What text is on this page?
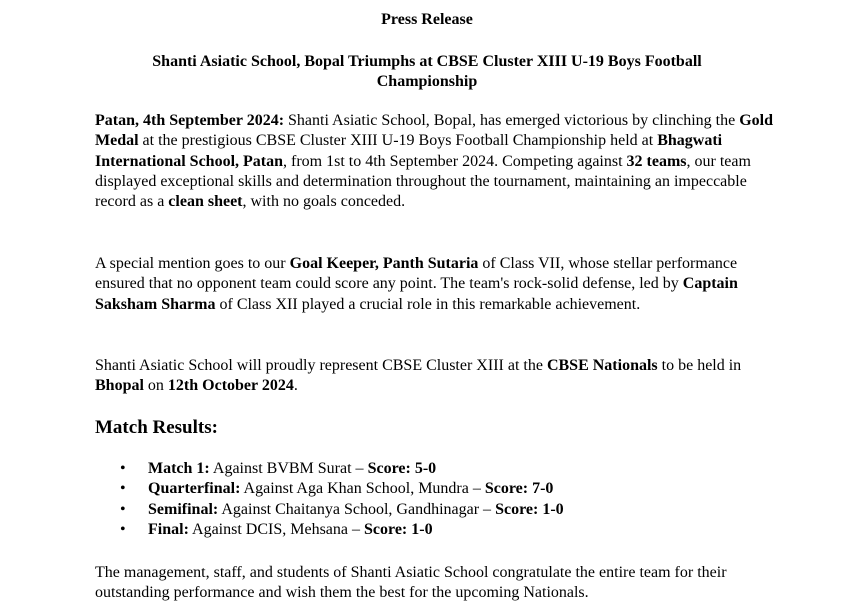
Press Release
Shanti Asiatic School, Bopal Triumphs at CBSE Cluster XIII U-19 Boys Football
Championship

Patan, 4th September 2024: Shanti Asiatic School, Bopal, has emerged victorious by clinching the Gold Medal at the prestigious CBSE Cluster XIII U-19 Boys Football Championship held at Bhagwati International School, Patan, from 1st to 4th September 2024. Competing against 32 teams, our team displayed exceptional skills and determination throughout the tournament, maintaining an impeccable record as a clean sheet, with no goals conceded.

A special mention goes to our Goal Keeper, Panth Sutaria of Class VII, whose stellar performance ensured that no opponent team could score any point. The team's rock-solid defense, led by Captain Saksham Sharma of Class XII played a crucial role in this remarkable achievement.

Shanti Asiatic School will proudly represent CBSE Cluster XIII at the CBSE Nationals to be held in Bhopal on 12th October 2024.

Match Results:
• Match 1: Against BVBM Surat – Score: 5-0
• Quarterfinal: Against Aga Khan School, Mundra – Score: 7-0
• Semifinal: Against Chaitanya School, Gandhinagar – Score: 1-0
• Final: Against DCIS, Mehsana – Score: 1-0

The management, staff, and students of Shanti Asiatic School congratulate the entire team for their outstanding performance and wish them the best for the upcoming Nationals.
